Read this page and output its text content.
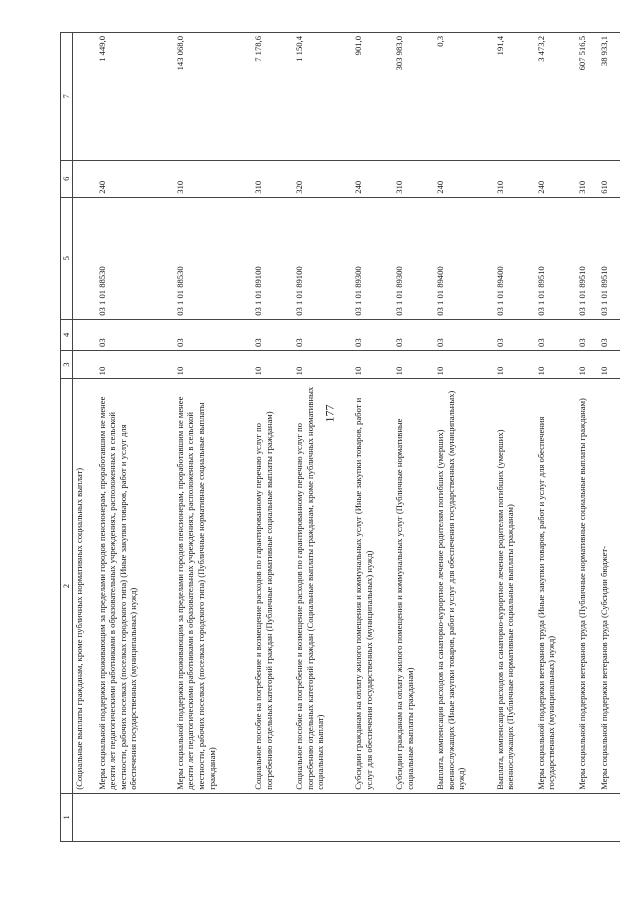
177
1	2	3	4	5	6	7
	(Социальные выплаты гражданам, кроме публичных нормативных социальных выплат)					
	Меры социальной поддержки проживающим за пределами городов пенсионерам, проработавшим не менее десяти лет педагогическими работниками в образовательных учреждениях, расположенных в сельской местности, рабочих поселках (поселках городского типа) (Иные закупки товаров, работ и услуг для обеспечения государственных (муниципальных) нужд)	10	03	03 1 01 88530	240	1 449,0
	Меры социальной поддержки проживающим за пределами городов пенсионерам, проработавшим не менее десяти лет педагогическими работниками в образовательных учреждениях, расположенных в сельской местности, рабочих поселках (поселках городского типа) (Публичные нормативные социальные выплаты гражданам)	10	03	03 1 01 88530	310	143 068,0
	Социальное пособие на погребение и возмещение расходов по гарантированному перечню услуг по погребению отдельных категорий граждан (Публичные нормативные социальные выплаты гражданам)	10	03	03 1 01 89100	310	7 178,6
	Социальное пособие на погребение и возмещение расходов по гарантированному перечню услуг по погребению отдельных категорий граждан (Социальные выплаты гражданам, кроме публичных нормативных социальных выплат)	10	03	03 1 01 89100	320	1 150,4
	Субсидии гражданам на оплату жилого помещения и коммунальных услуг (Иные закупки товаров, работ и услуг для обеспечения государственных (муниципальных) нужд)	10	03	03 1 01 89300	240	901,0
	Субсидии гражданам на оплату жилого помещения и коммунальных услуг (Публичные нормативные социальные выплаты гражданам)	10	03	03 1 01 89300	310	303 983,0
	Выплата, компенсация расходов на санаторно-курортное лечение родителям погибших (умерших) военнослужащих (Иные закупки товаров, работ и услуг для обеспечения государственных (муниципальных) нужд)	10	03	03 1 01 89400	240	0,3
	Выплата, компенсация расходов на санаторно-курортное лечение родителям погибших (умерших) военнослужащих (Публичные нормативные социальные выплаты гражданам)	10	03	03 1 01 89400	310	191,4
	Меры социальной поддержки ветеранов труда (Иные закупки товаров, работ и услуг для обеспечения государственных (муниципальных) нужд)	10	03	03 1 01 89510	240	3 473,2
	Меры социальной поддержки ветеранов труда (Публичные нормативные социальные выплаты гражданам)	10	03	03 1 01 89510	310	607 516,5
	Меры социальной поддержки ветеранов труда (Субсидии бюджет-	10	03	03 1 01 89510	610	38 933,1
